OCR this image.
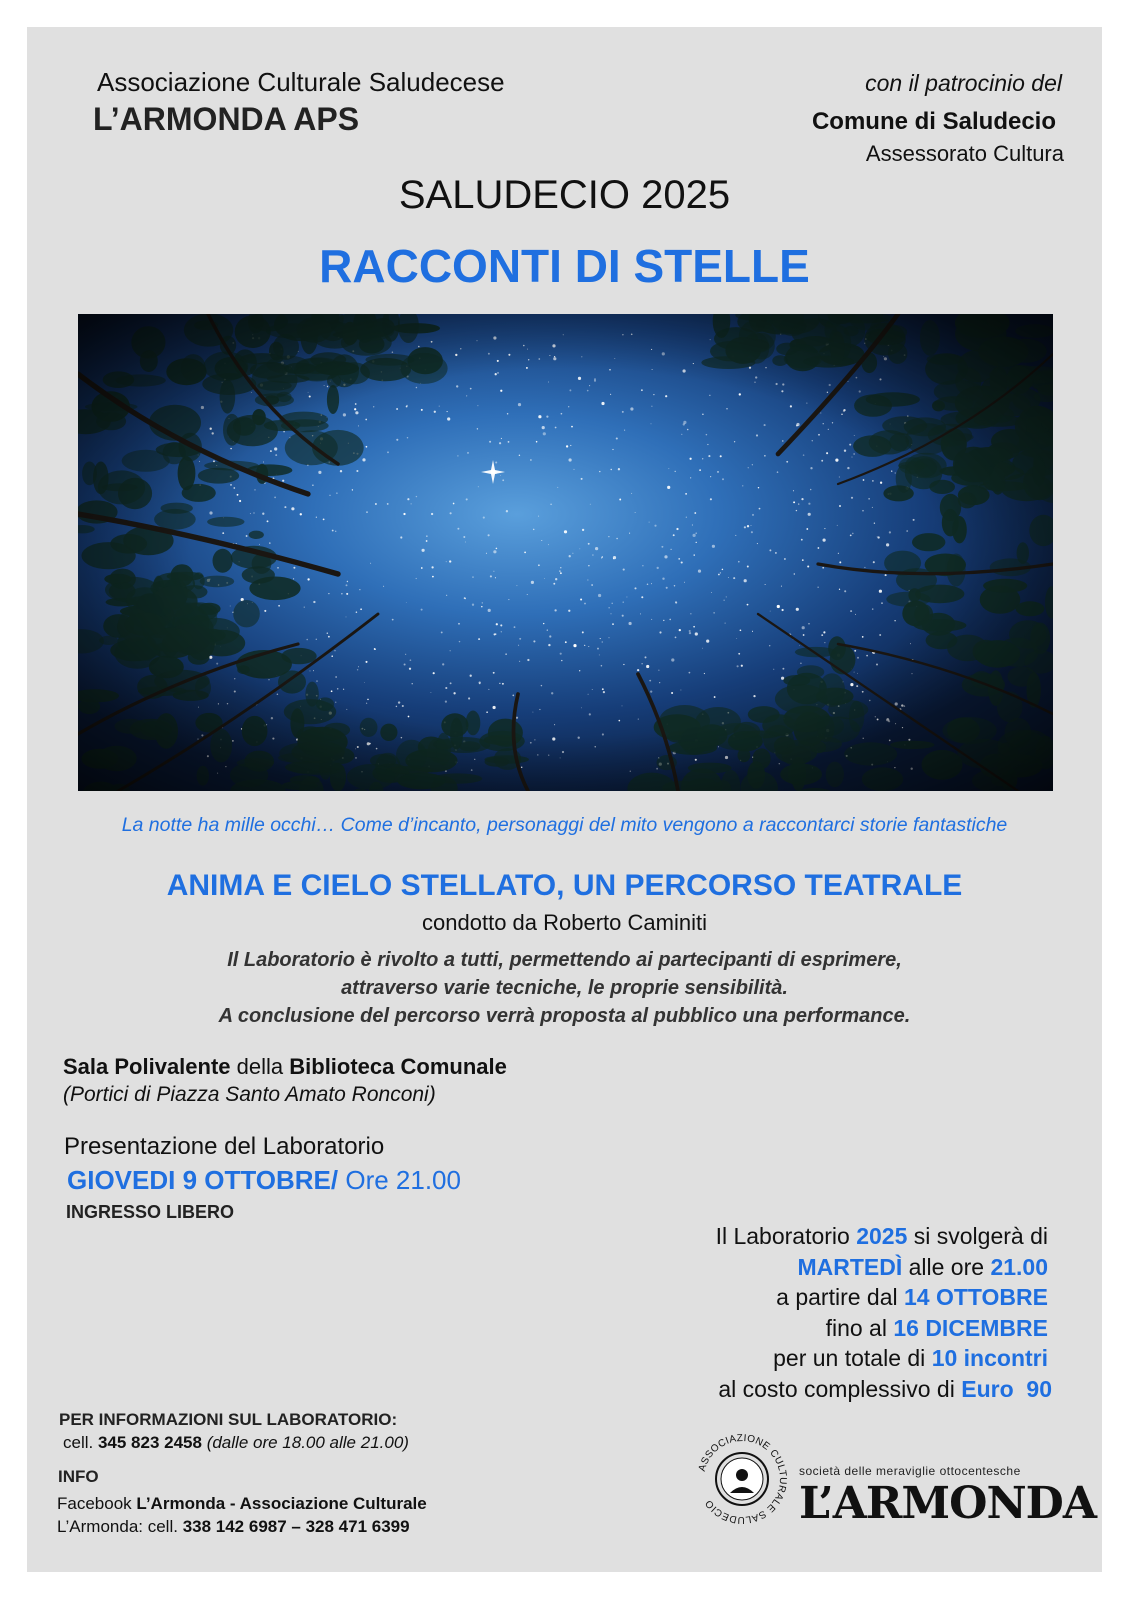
Associazione Culturale Saludecese
L’ARMONDA APS
con il patrocinio del
Comune di Saludecio
Assessorato Cultura
SALUDECIO 2025
RACCONTI DI STELLE
La notte ha mille occhi… Come d’incanto, personaggi del mito vengono a raccontarci storie fantastiche
ANIMA E CIELO STELLATO, UN PERCORSO TEATRALE
condotto da Roberto Caminiti
Il Laboratorio è rivolto a tutti, permettendo ai partecipanti di esprimere,
attraverso varie tecniche, le proprie sensibilità.
A conclusione del percorso verrà proposta al pubblico una performance.
Sala Polivalente della Biblioteca Comunale
(Portici di Piazza Santo Amato Ronconi)
Presentazione del Laboratorio
GIOVEDI 9 OTTOBRE/ Ore 21.00
INGRESSO LIBERO
Il Laboratorio 2025 si svolgerà di
MARTEDÌ alle ore 21.00
a partire dal 14 OTTOBRE
fino al 16 DICEMBRE
per un totale di 10 incontri
al costo complessivo di Euro  90
PER INFORMAZIONI SUL LABORATORIO:
cell. 345 823 2458 (dalle ore 18.00 alle 21.00)
INFO
Facebook L’Armonda - Associazione Culturale
L’Armonda: cell. 338 142 6987 – 328 471 6399
ASSOCIAZIONE CULTURALE SALUDECIO
società delle meraviglie ottocentesche
L’ARMONDA
